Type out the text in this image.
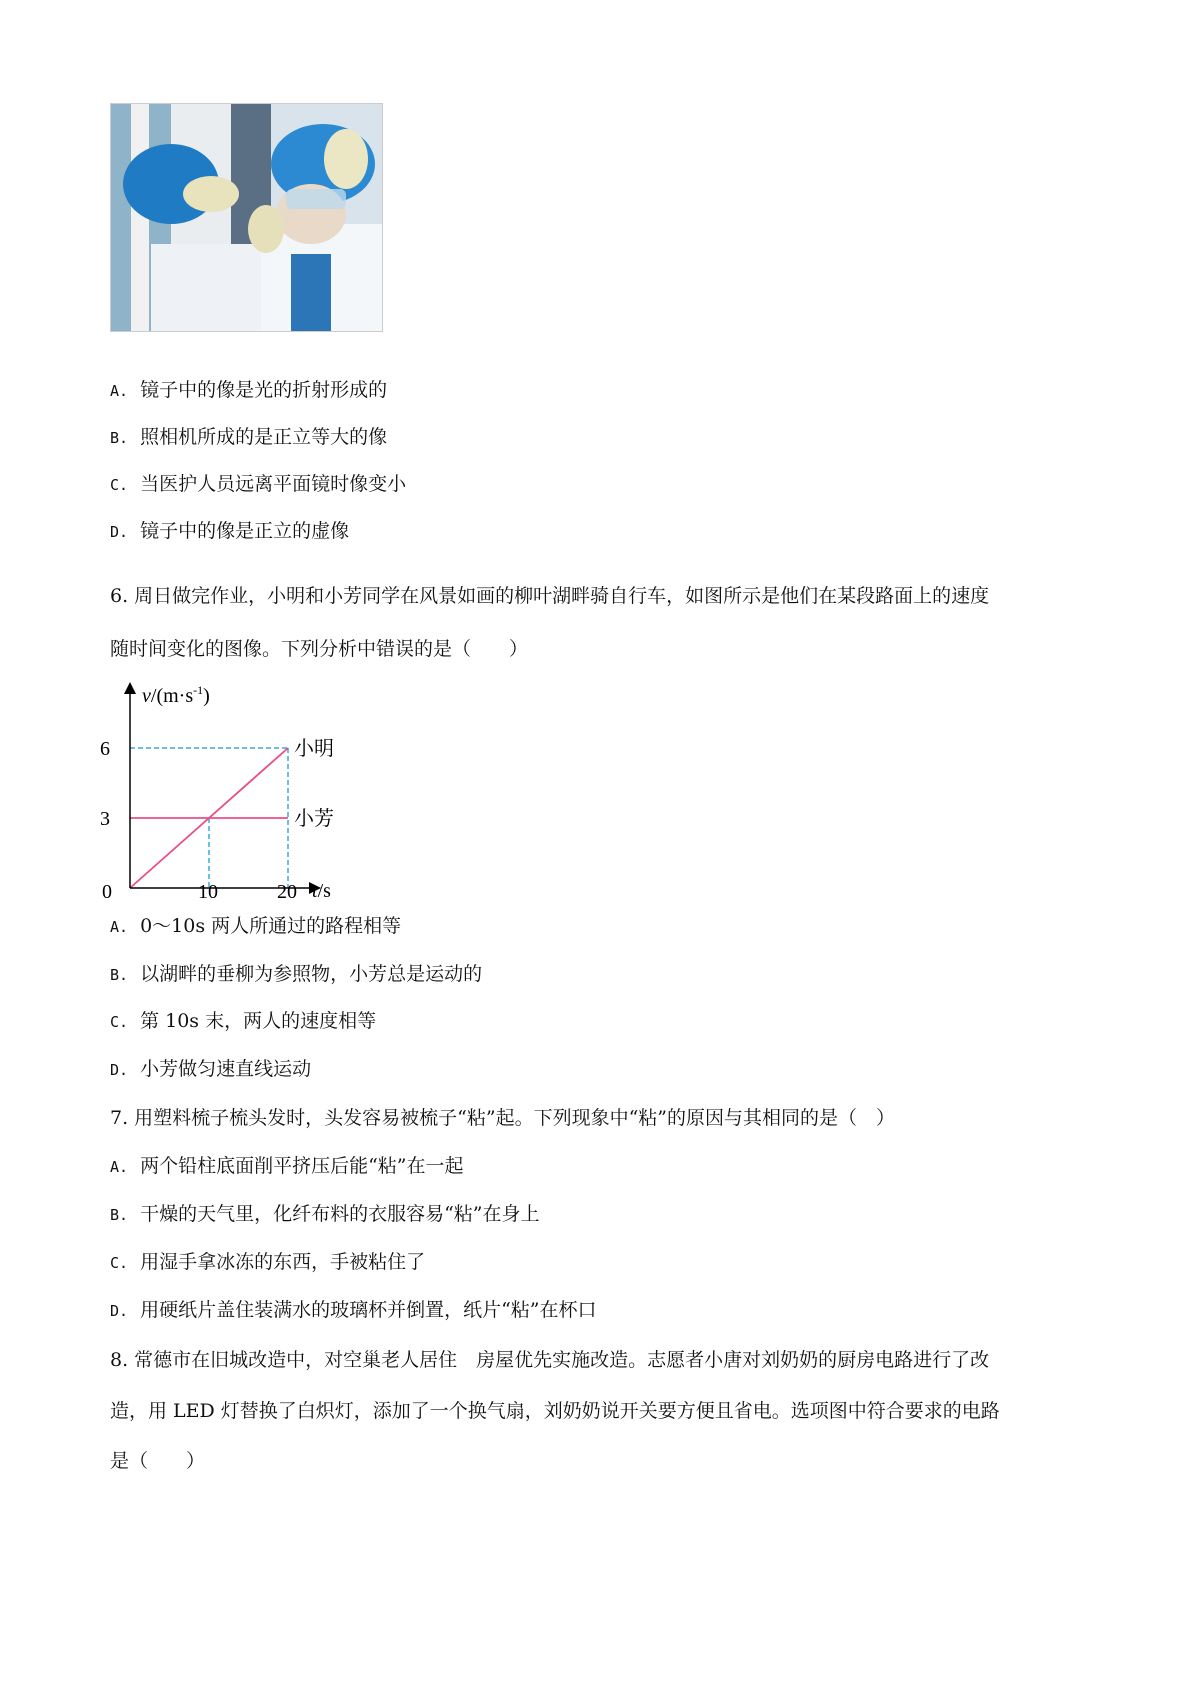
A. 镜子中的像是光的折射形成的
B. 照相机所成的是正立等大的像
C. 当医护人员远离平面镜时像变小
D. 镜子中的像是正立的虚像
6. 周日做完作业，小明和小芳同学在风景如画的柳叶湖畔骑自行车，如图所示是他们在某段路面上的速度
随时间变化的图像。下列分析中错误的是（　　）
$v/(m\cdot s^{-1})$
t/s
0
3
6
10	20
小明
小芳
A. 0～10s 两人所通过的路程相等
B. 以湖畔的垂柳为参照物，小芳总是运动的
C. 第 10s 末，两人的速度相等
D. 小芳做匀速直线运动
7. 用塑料梳子梳头发时，头发容易被梳子“粘”起。下列现象中“粘”的原因与其相同的是（　）
A. 两个铅柱底面削平挤压后能“粘”在一起
B. 干燥的天气里，化纤布料的衣服容易“粘”在身上
C. 用湿手拿冰冻的东西，手被粘住了
D. 用硬纸片盖住装满水的玻璃杯并倒置，纸片“粘”在杯口
8. 常德市在旧城改造中，对空巢老人居住　房屋优先实施改造。志愿者小唐对刘奶奶的厨房电路进行了改
造，用 LED 灯替换了白炽灯，添加了一个换气扇，刘奶奶说开关要方便且省电。选项图中符合要求的电路
是（　　）
